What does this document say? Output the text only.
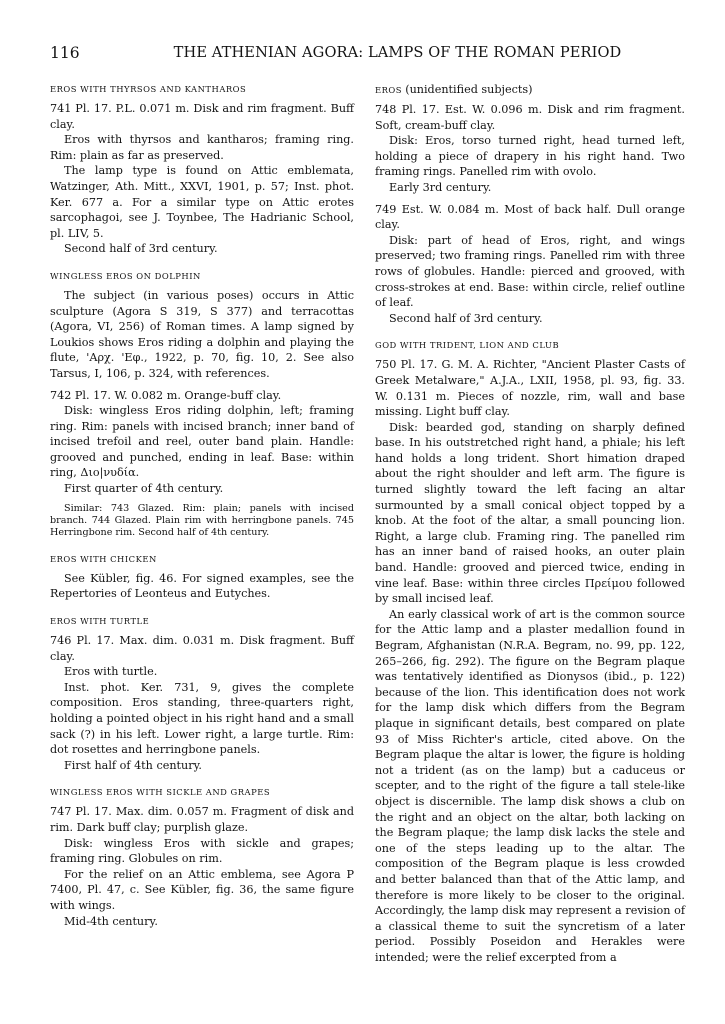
116	THE ATHENIAN AGORA: LAMPS OF THE ROMAN PERIOD
EROS WITH THYRSOS AND KANTHAROS

741 Pl. 17. P.L. 0.071 m. Disk and rim fragment. Buff clay.

Eros with thyrsos and kantharos; framing ring. Rim: plain as far as preserved.

The lamp type is found on Attic emblemata, Watzinger, Ath. Mitt., XXVI, 1901, p. 57; Inst. phot. Ker. 677 a. For a similar type on Attic erotes sarcophagoi, see J. Toynbee, The Hadrianic School, pl. LIV, 5.

Second half of 3rd century.

WINGLESS EROS ON DOLPHIN

The subject (in various poses) occurs in Attic sculpture (Agora S 319, S 377) and terracottas (Agora, VI, 256) of Roman times. A lamp signed by Loukios shows Eros riding a dolphin and playing the flute, 'Αρχ. 'Εφ., 1922, p. 70, fig. 10, 2. See also Tarsus, I, 106, p. 324, with references.

742 Pl. 17. W. 0.082 m. Orange-buff clay.

Disk: wingless Eros riding dolphin, left; framing ring. Rim: panels with incised branch; inner band of incised trefoil and reel, outer band plain. Handle: grooved and punched, ending in leaf. Base: within ring, Διο|νυδία.

First quarter of 4th century.

Similar: 743 Glazed. Rim: plain; panels with incised branch. 744 Glazed. Plain rim with herringbone panels. 745 Herringbone rim. Second half of 4th century.

EROS WITH CHICKEN

See Kübler, fig. 46. For signed examples, see the Repertories of Leonteus and Eutyches.

EROS WITH TURTLE

746 Pl. 17. Max. dim. 0.031 m. Disk fragment. Buff clay.

Eros with turtle.

Inst. phot. Ker. 731, 9, gives the complete composition. Eros standing, three-quarters right, holding a pointed object in his right hand and a small sack (?) in his left. Lower right, a large turtle. Rim: dot rosettes and herringbone panels.

First half of 4th century.

WINGLESS EROS WITH SICKLE AND GRAPES

747 Pl. 17. Max. dim. 0.057 m. Fragment of disk and rim. Dark buff clay; purplish glaze.

Disk: wingless Eros with sickle and grapes; framing ring. Globules on rim.

For the relief on an Attic emblema, see Agora P 7400, Pl. 47, c. See Kübler, fig. 36, the same figure with wings.

Mid-4th century.

EROS (unidentified subjects)

748 Pl. 17. Est. W. 0.096 m. Disk and rim fragment. Soft, cream-buff clay.

Disk: Eros, torso turned right, head turned left, holding a piece of drapery in his right hand. Two framing rings. Panelled rim with ovolo.

Early 3rd century.

749 Est. W. 0.084 m. Most of back half. Dull orange clay.

Disk: part of head of Eros, right, and wings preserved; two framing rings. Panelled rim with three rows of globules. Handle: pierced and grooved, with cross-strokes at end. Base: within circle, relief outline of leaf.

Second half of 3rd century.

GOD WITH TRIDENT, LION AND CLUB

750 Pl. 17. G. M. A. Richter, "Ancient Plaster Casts of Greek Metalware," A.J.A., LXII, 1958, pl. 93, fig. 33. W. 0.131 m. Pieces of nozzle, rim, wall and base missing. Light buff clay.

Disk: bearded god, standing on sharply defined base. In his outstretched right hand, a phiale; his left hand holds a long trident. Short himation draped about the right shoulder and left arm. The figure is turned slightly toward the left facing an altar surmounted by a small conical object topped by a knob. At the foot of the altar, a small pouncing lion. Right, a large club. Framing ring. The panelled rim has an inner band of raised hooks, an outer plain band. Handle: grooved and pierced twice, ending in vine leaf. Base: within three circles Πρείμου followed by small incised leaf.

An early classical work of art is the common source for the Attic lamp and a plaster medallion found in Begram, Afghanistan (N.R.A. Begram, no. 99, pp. 122, 265–266, fig. 292). The figure on the Begram plaque was tentatively identified as Dionysos (ibid., p. 122) because of the lion. This identification does not work for the lamp disk which differs from the Begram plaque in significant details, best compared on plate 93 of Miss Richter's article, cited above. On the Begram plaque the altar is lower, the figure is holding not a trident (as on the lamp) but a caduceus or scepter, and to the right of the figure a tall stele-like object is discernible. The lamp disk shows a club on the right and an object on the altar, both lacking on the Begram plaque; the lamp disk lacks the stele and one of the steps leading up to the altar. The composition of the Begram plaque is less crowded and better balanced than that of the Attic lamp, and therefore is more likely to be closer to the original. Accordingly, the lamp disk may represent a revision of a classical theme to suit the syncretism of a later period. Possibly Poseidon and Herakles were intended; were the relief excerpted from a
